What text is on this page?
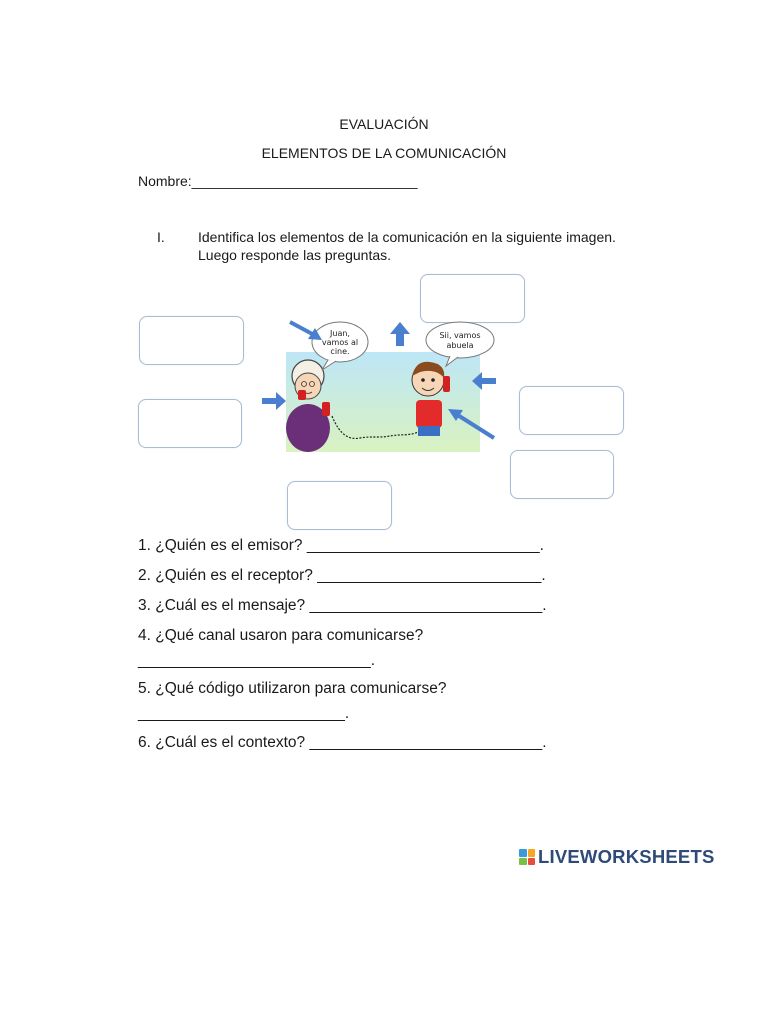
EVALUACIÓN
ELEMENTOS DE LA COMUNICACIÓN
Nombre:_____________________________
I. Identifica los elementos de la comunicación en la siguiente imagen.
Luego responde las preguntas.
Juan,
vamos al
cine.
Sii, vamos
abuela
1. ¿Quién es el emisor? ___________________________.
2. ¿Quién es el receptor? __________________________.
3. ¿Cuál es el mensaje? ___________________________.
4. ¿Qué canal usaron para comunicarse?
___________________________.
5. ¿Qué código utilizaron para comunicarse?
________________________.
6. ¿Cuál es el contexto? ___________________________.
LIVEWORKSHEETS
